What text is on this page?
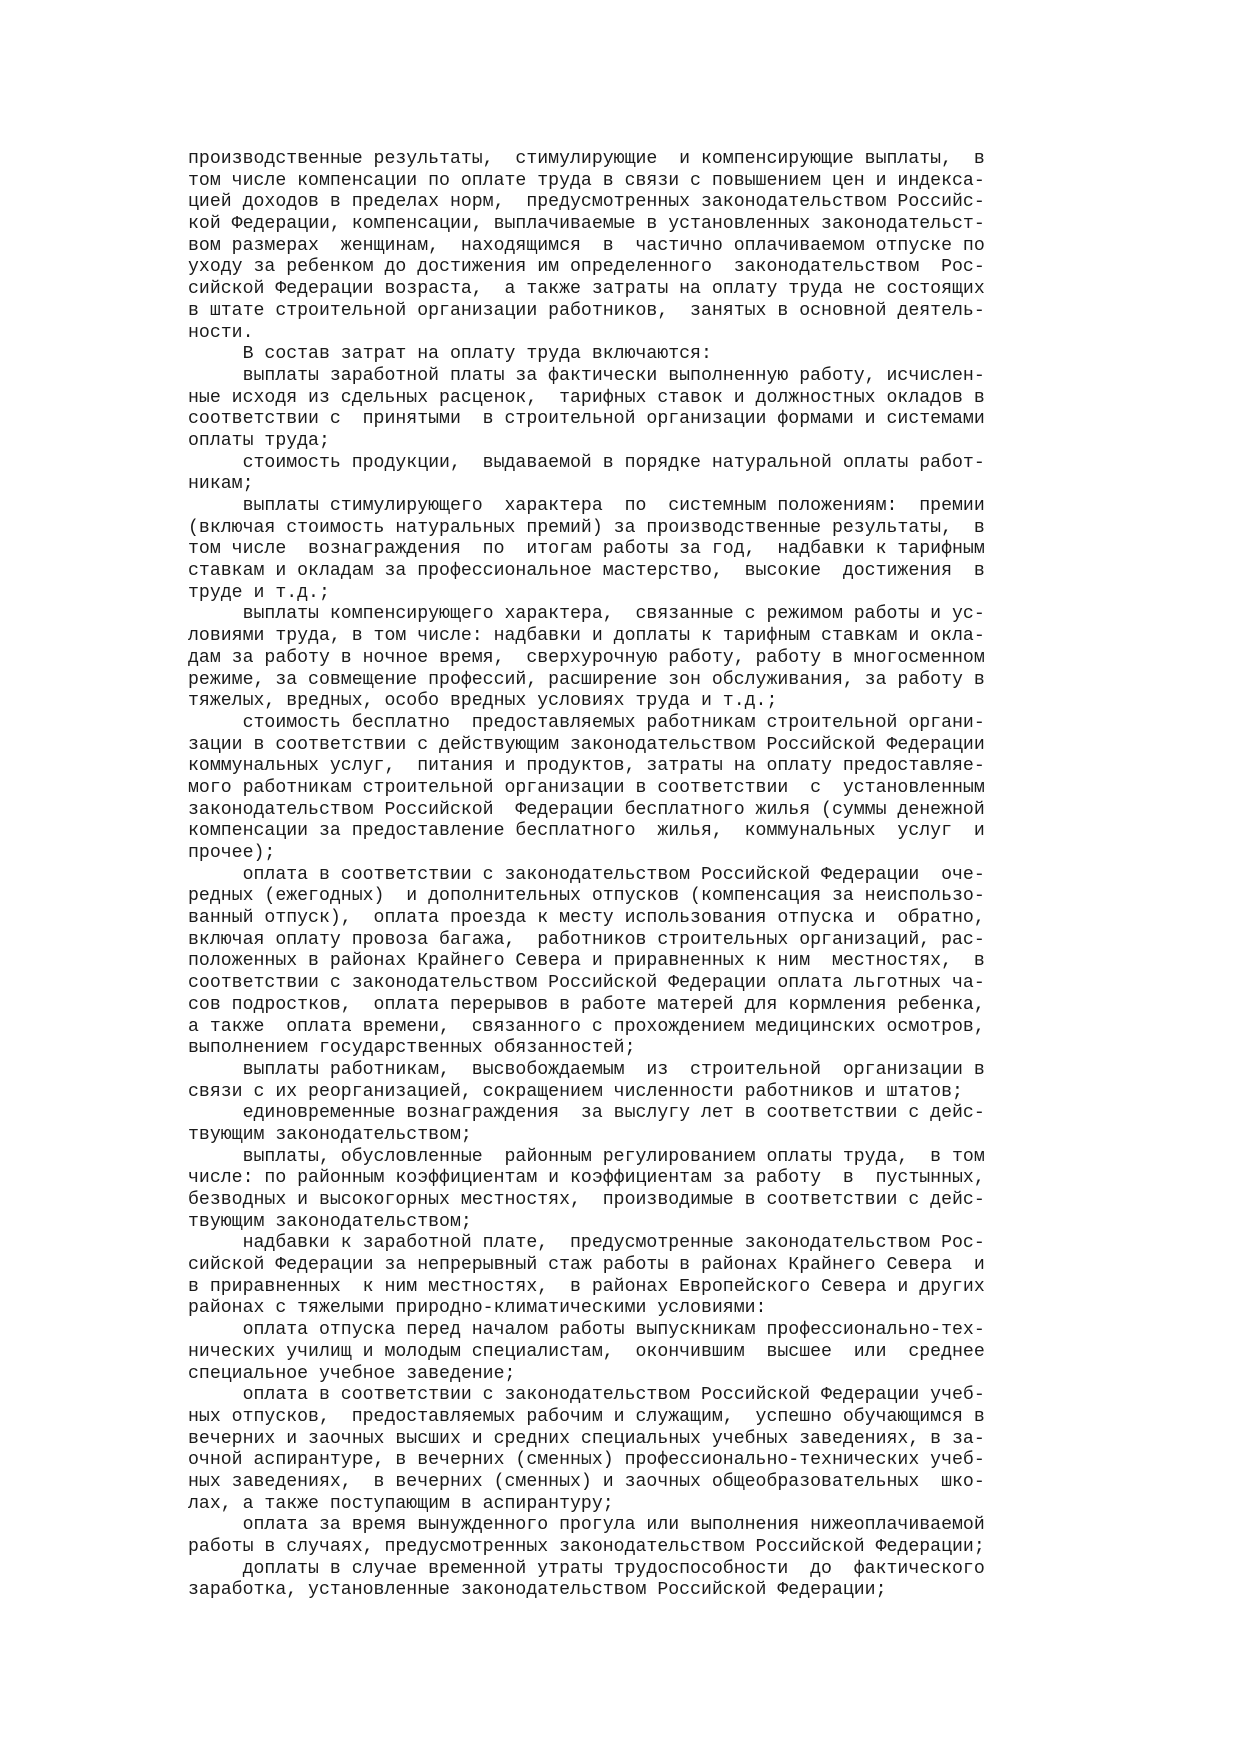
производственные результаты,  стимулирующие  и компенсирующие выплаты,  в
том числе компенсации по оплате труда в связи с повышением цен и индекса-
цией доходов в пределах норм,  предусмотренных законодательством Российс-
кой Федерации, компенсации, выплачиваемые в установленных законодательст-
вом размерах  женщинам,  находящимся  в  частично оплачиваемом отпуске по
уходу за ребенком до достижения им определенного  законодательством  Рос-
сийской Федерации возраста,  а также затраты на оплату труда не состоящих
в штате строительной организации работников,  занятых в основной деятель-
ности.
В состав затрат на оплату труда включаются:
выплаты заработной платы за фактически выполненную работу, исчислен-
ные исходя из сдельных расценок,  тарифных ставок и должностных окладов в
соответствии с  принятыми  в строительной организации формами и системами
оплаты труда;
стоимость продукции,  выдаваемой в порядке натуральной оплаты работ-
никам;
выплаты стимулирующего  характера  по  системным положениям:  премии
(включая стоимость натуральных премий) за производственные результаты,  в
том числе  вознаграждения  по  итогам работы за год,  надбавки к тарифным
ставкам и окладам за профессиональное мастерство,  высокие  достижения  в
труде и т.д.;
выплаты компенсирующего характера,  связанные с режимом работы и ус-
ловиями труда, в том числе: надбавки и доплаты к тарифным ставкам и окла-
дам за работу в ночное время,  сверхурочную работу, работу в многосменном
режиме, за совмещение профессий, расширение зон обслуживания, за работу в
тяжелых, вредных, особо вредных условиях труда и т.д.;
стоимость бесплатно  предоставляемых работникам строительной органи-
зации в соответствии с действующим законодательством Российской Федерации
коммунальных услуг,  питания и продуктов, затраты на оплату предоставляе-
мого работникам строительной организации в соответствии  с  установленным
законодательством Российской  Федерации бесплатного жилья (суммы денежной
компенсации за предоставление бесплатного  жилья,  коммунальных  услуг  и
прочее);
оплата в соответствии с законодательством Российской Федерации  оче-
редных (ежегодных)  и дополнительных отпусков (компенсация за неиспользо-
ванный отпуск),  оплата проезда к месту использования отпуска и  обратно,
включая оплату провоза багажа,  работников строительных организаций, рас-
положенных в районах Крайнего Севера и приравненных к ним  местностях,  в
соответствии с законодательством Российской Федерации оплата льготных ча-
сов подростков,  оплата перерывов в работе матерей для кормления ребенка,
а также  оплата времени,  связанного с прохождением медицинских осмотров,
выполнением государственных обязанностей;
выплаты работникам,  высвобождаемым  из  строительной  организации в
связи с их реорганизацией, сокращением численности работников и штатов;
единовременные вознаграждения  за выслугу лет в соответствии с дейс-
твующим законодательством;
выплаты, обусловленные  районным регулированием оплаты труда,  в том
числе: по районным коэффициентам и коэффициентам за работу  в  пустынных,
безводных и высокогорных местностях,  производимые в соответствии с дейс-
твующим законодательством;
надбавки к заработной плате,  предусмотренные законодательством Рос-
сийской Федерации за непрерывный стаж работы в районах Крайнего Севера  и
в приравненных  к ним местностях,  в районах Европейского Севера и других
районах с тяжелыми природно-климатическими условиями:
оплата отпуска перед началом работы выпускникам профессионально-тех-
нических училищ и молодым специалистам,  окончившим  высшее  или  среднее
специальное учебное заведение;
оплата в соответствии с законодательством Российской Федерации учеб-
ных отпусков,  предоставляемых рабочим и служащим,  успешно обучающимся в
вечерних и заочных высших и средних специальных учебных заведениях, в за-
очной аспирантуре, в вечерних (сменных) профессионально-технических учеб-
ных заведениях,  в вечерних (сменных) и заочных общеобразовательных  шко-
лах, а также поступающим в аспирантуру;
оплата за время вынужденного прогула или выполнения нижеоплачиваемой
работы в случаях, предусмотренных законодательством Российской Федерации;
доплаты в случае временной утраты трудоспособности  до  фактического
заработка, установленные законодательством Российской Федерации;
